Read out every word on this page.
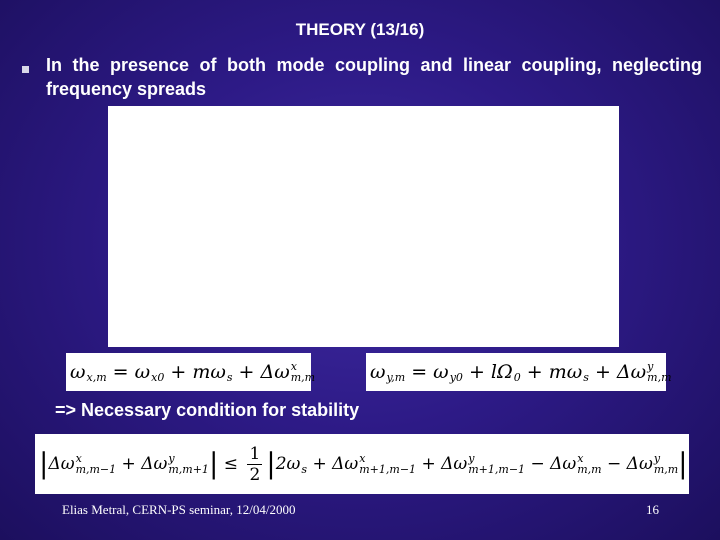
THEORY (13/16)
In the presence of both mode coupling and linear coupling, neglecting frequency spreads
ω
x,m = ω
x0 + mω
s + Δω x
m,m	ω
y,m = ω
y0 + lΩ
0 + mω
s + Δω y
m,m
=> Necessary condition for stability
| Δω x
m,m−1 + Δω y
m,m+1 | ≤ $\frac{1}{2}$ | 2ω
s + Δω x
m+1,m−1 + Δω y
m+1,m−1 − Δω x
m,m − Δω y
m,m |
Elias Metral, CERN-PS seminar, 12/04/2000	16
